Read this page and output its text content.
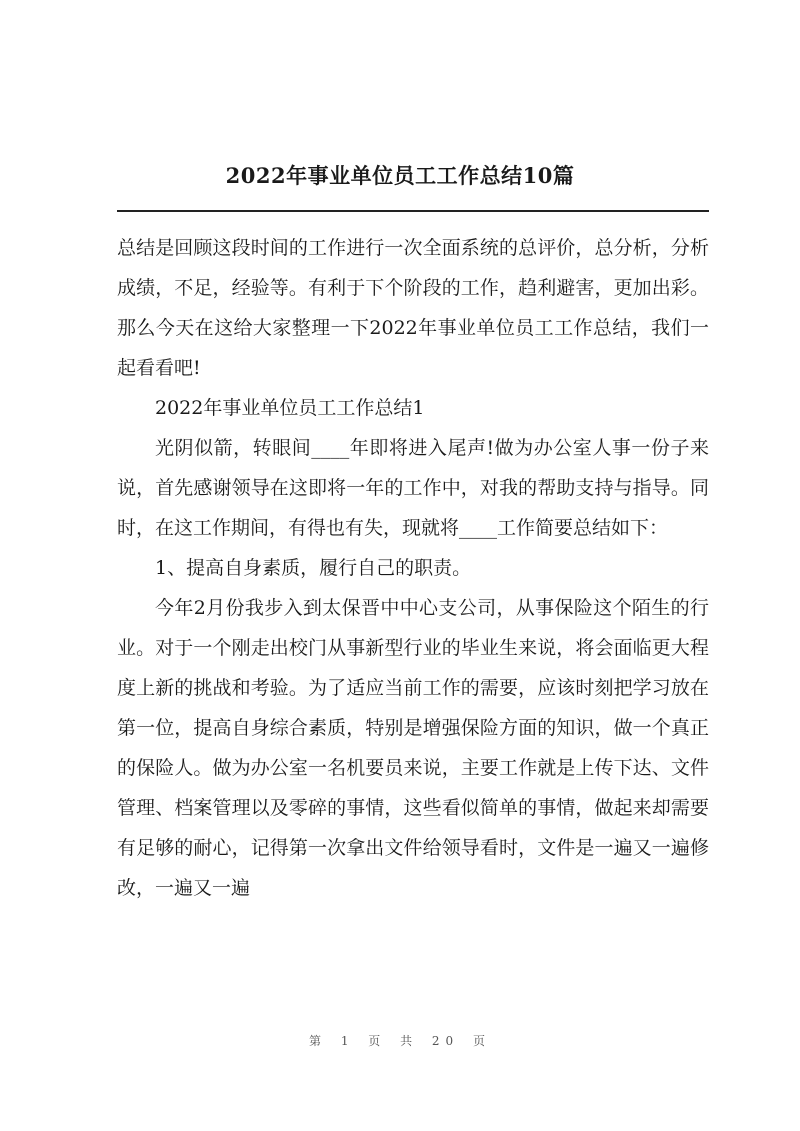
2022年事业单位员工工作总结10篇

总结是回顾这段时间的工作进行一次全面系统的总评价，总分析，分析成绩，不足，经验等。有利于下个阶段的工作，趋利避害，更加出彩。那么今天在这给大家整理一下2022年事业单位员工工作总结，我们一起看看吧!

2022年事业单位员工工作总结1

光阴似箭，转眼间____年即将进入尾声!做为办公室人事一份子来说，首先感谢领导在这即将一年的工作中，对我的帮助支持与指导。同时，在这工作期间，有得也有失，现就将____工作简要总结如下：

1、提高自身素质，履行自己的职责。

今年2月份我步入到太保晋中中心支公司，从事保险这个陌生的行业。对于一个刚走出校门从事新型行业的毕业生来说，将会面临更大程度上新的挑战和考验。为了适应当前工作的需要，应该时刻把学习放在第一位，提高自身综合素质，特别是增强保险方面的知识，做一个真正的保险人。做为办公室一名机要员来说，主要工作就是上传下达、文件管理、档案管理以及零碎的事情，这些看似简单的事情，做起来却需要有足够的耐心，记得第一次拿出文件给领导看时，文件是一遍又一遍修改，一遍又一遍

第 1 页 共 20 页
